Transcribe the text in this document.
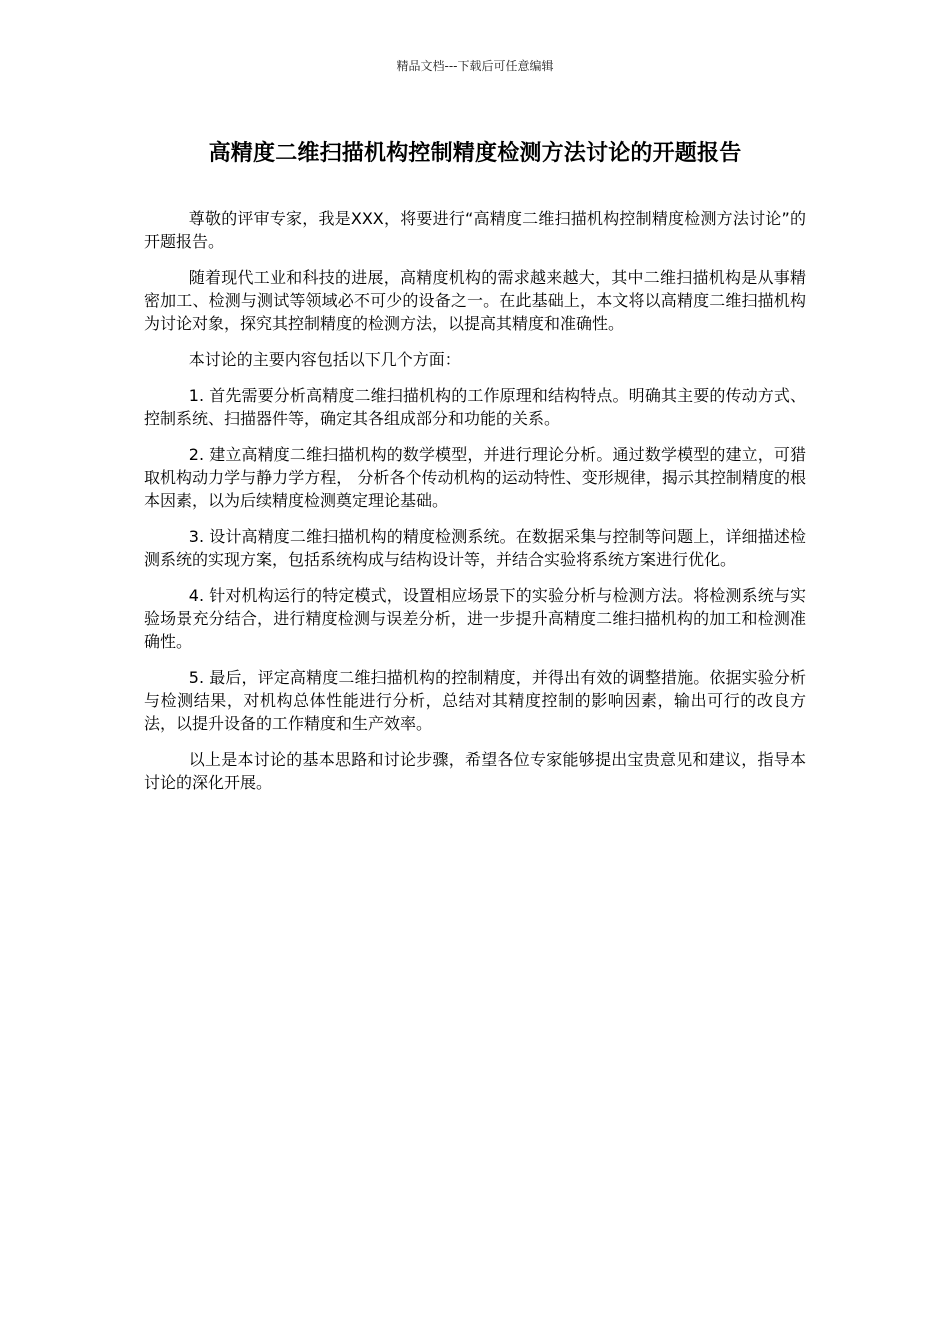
精品文档---下载后可任意编辑
高精度二维扫描机构控制精度检测方法讨论的开题报告

尊敬的评审专家，我是XXX，将要进行“高精度二维扫描机构控制精度检测方法讨论”的开题报告。

随着现代工业和科技的进展，高精度机构的需求越来越大，其中二维扫描机构是从事精密加工、检测与测试等领域必不可少的设备之一。在此基础上，本文将以高精度二维扫描机构为讨论对象，探究其控制精度的检测方法，以提高其精度和准确性。

本讨论的主要内容包括以下几个方面：

1. 首先需要分析高精度二维扫描机构的工作原理和结构特点。明确其主要的传动方式、控制系统、扫描器件等，确定其各组成部分和功能的关系。

2. 建立高精度二维扫描机构的数学模型，并进行理论分析。通过数学模型的建立，可猎取机构动力学与静力学方程， 分析各个传动机构的运动特性、变形规律，揭示其控制精度的根本因素，以为后续精度检测奠定理论基础。

3. 设计高精度二维扫描机构的精度检测系统。在数据采集与控制等问题上，详细描述检测系统的实现方案，包括系统构成与结构设计等，并结合实验将系统方案进行优化。

4. 针对机构运行的特定模式，设置相应场景下的实验分析与检测方法。将检测系统与实验场景充分结合，进行精度检测与误差分析，进一步提升高精度二维扫描机构的加工和检测准确性。

5. 最后，评定高精度二维扫描机构的控制精度，并得出有效的调整措施。依据实验分析与检测结果，对机构总体性能进行分析，总结对其精度控制的影响因素，输出可行的改良方法，以提升设备的工作精度和生产效率。

以上是本讨论的基本思路和讨论步骤，希望各位专家能够提出宝贵意见和建议，指导本讨论的深化开展。
